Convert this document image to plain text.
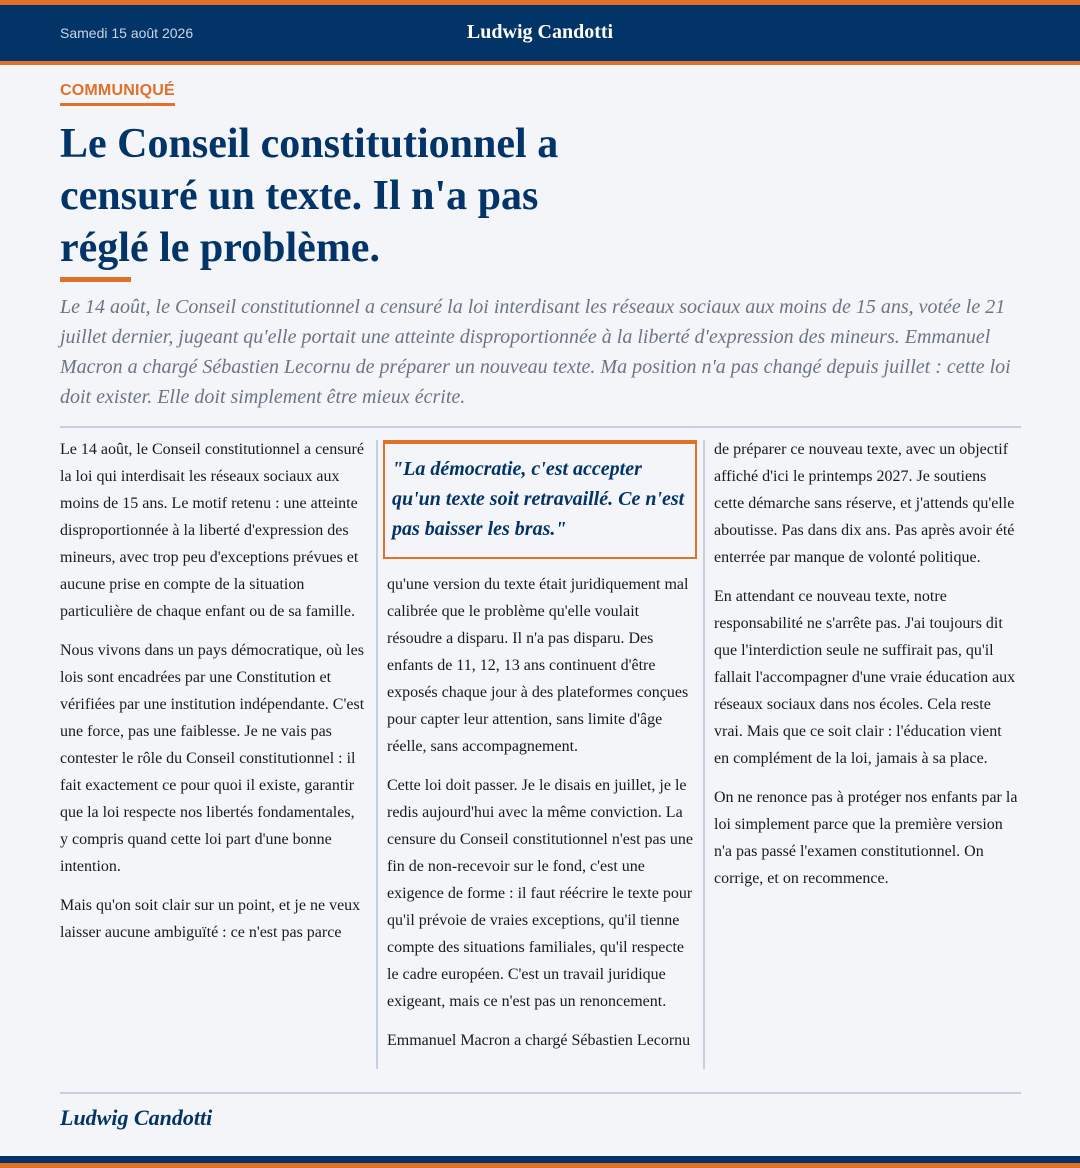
Samedi 15 août 2026	Ludwig Candotti
COMMUNIQUÉ
Le Conseil constitutionnel a censuré un texte. Il n'a pas réglé le problème.

Le 14 août, le Conseil constitutionnel a censuré la loi interdisant les réseaux sociaux aux moins de 15 ans, votée le 21 juillet dernier, jugeant qu'elle portait une atteinte disproportionnée à la liberté d'expression des mineurs. Emmanuel Macron a chargé Sébastien Lecornu de préparer un nouveau texte. Ma position n'a pas changé depuis juillet : cette loi doit exister. Elle doit simplement être mieux écrite.

Le 14 août, le Conseil constitutionnel a censuré la loi qui interdisait les réseaux sociaux aux moins de 15 ans. Le motif retenu : une atteinte disproportionnée à la liberté d'expression des mineurs, avec trop peu d'exceptions prévues et aucune prise en compte de la situation particulière de chaque enfant ou de sa famille.

Nous vivons dans un pays démocratique, où les lois sont encadrées par une Constitution et vérifiées par une institution indépendante. C'est une force, pas une faiblesse. Je ne vais pas contester le rôle du Conseil constitutionnel : il fait exactement ce pour quoi il existe, garantir que la loi respecte nos libertés fondamentales, y compris quand cette loi part d'une bonne intention.

Mais qu'on soit clair sur un point, et je ne veux laisser aucune ambiguïté : ce n'est pas parce

"La démocratie, c'est accepter qu'un texte soit retravaillé. Ce n'est pas baisser les bras."

qu'une version du texte était juridiquement mal calibrée que le problème qu'elle voulait résoudre a disparu. Il n'a pas disparu. Des enfants de 11, 12, 13 ans continuent d'être exposés chaque jour à des plateformes conçues pour capter leur attention, sans limite d'âge réelle, sans accompagnement.

Cette loi doit passer. Je le disais en juillet, je le redis aujourd'hui avec la même conviction. La censure du Conseil constitutionnel n'est pas une fin de non-recevoir sur le fond, c'est une exigence de forme : il faut réécrire le texte pour qu'il prévoie de vraies exceptions, qu'il tienne compte des situations familiales, qu'il respecte le cadre européen. C'est un travail juridique exigeant, mais ce n'est pas un renoncement.

Emmanuel Macron a chargé Sébastien Lecornu

de préparer ce nouveau texte, avec un objectif affiché d'ici le printemps 2027. Je soutiens cette démarche sans réserve, et j'attends qu'elle aboutisse. Pas dans dix ans. Pas après avoir été enterrée par manque de volonté politique.

En attendant ce nouveau texte, notre responsabilité ne s'arrête pas. J'ai toujours dit que l'interdiction seule ne suffirait pas, qu'il fallait l'accompagner d'une vraie éducation aux réseaux sociaux dans nos écoles. Cela reste vrai. Mais que ce soit clair : l'éducation vient en complément de la loi, jamais à sa place.

On ne renonce pas à protéger nos enfants par la loi simplement parce que la première version n'a pas passé l'examen constitutionnel. On corrige, et on recommence.

Ludwig Candotti
